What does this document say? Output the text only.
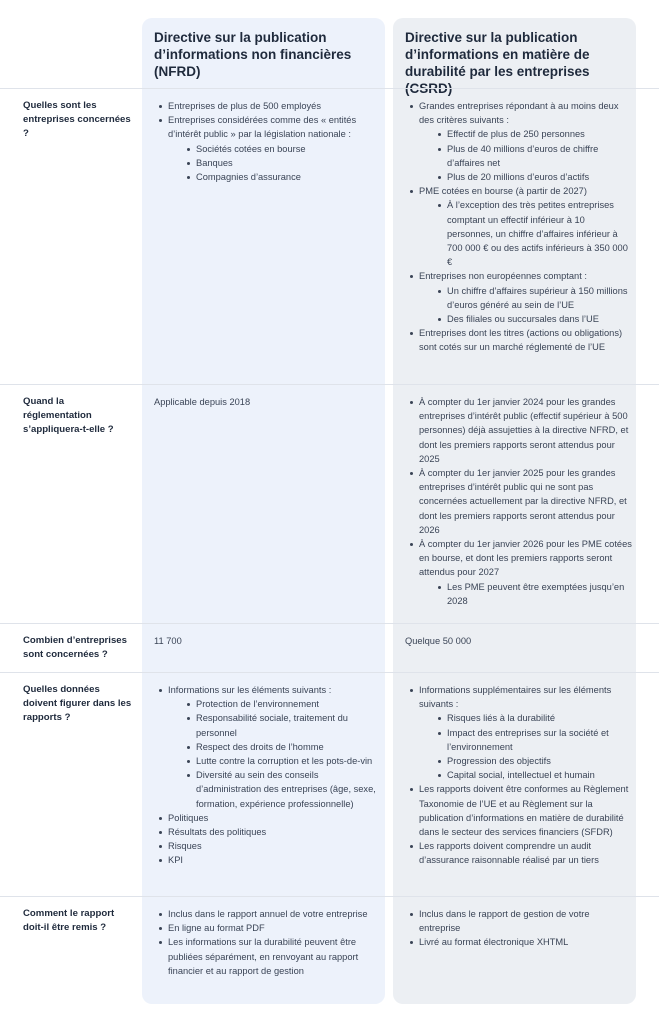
Directive sur la publication d’informations non financières (NFRD)
Directive sur la publication d’informations en matière de durabilité par les entreprises (CSRD)
Quelles sont les entreprises concernées ?
Entreprises de plus de 500 employés
Entreprises considérées comme des « entités d’intérêt public » par la législation nationale :
Sociétés cotées en bourse
Banques
Compagnies d’assurance
Grandes entreprises répondant à au moins deux des critères suivants :
Effectif de plus de 250 personnes
Plus de 40 millions d’euros de chiffre d’affaires net
Plus de 20 millions d’euros d’actifs
PME cotées en bourse (à partir de 2027)
À l’exception des très petites entreprises comptant un effectif inférieur à 10 personnes, un chiffre d’affaires inférieur à 700 000 € ou des actifs inférieurs à 350 000 €
Entreprises non européennes comptant :
Un chiffre d’affaires supérieur à 150 millions d’euros généré au sein de l’UE
Des filiales ou succursales dans l’UE
Entreprises dont les titres (actions ou obligations) sont cotés sur un marché réglementé de l’UE
Quand la réglementation s’appliquera-t-elle ?
Applicable depuis 2018	À compter du 1er janvier 2024 pour les grandes entreprises d’intérêt public (effectif supérieur à 500 personnes) déjà assujetties à la directive NFRD, et dont les premiers rapports seront attendus pour 2025
À compter du 1er janvier 2025 pour les grandes entreprises d’intérêt public qui ne sont pas concernées actuellement par la directive NFRD, et dont les premiers rapports seront attendus pour 2026
À compter du 1er janvier 2026 pour les PME cotées en bourse, et dont les premiers rapports seront attendus pour 2027
Les PME peuvent être exemptées jusqu’en 2028
Combien d’entreprises sont concernées ?
11 700	Quelque 50 000
Quelles données doivent figurer dans les rapports ?
Informations sur les éléments suivants :
Protection de l’environnement
Responsabilité sociale, traitement du personnel
Respect des droits de l’homme
Lutte contre la corruption et les pots-de-vin
Diversité au sein des conseils d’administration des entreprises (âge, sexe, formation, expérience professionnelle)
Politiques
Résultats des politiques
Risques
KPI
Informations supplémentaires sur les éléments suivants :
Risques liés à la durabilité
Impact des entreprises sur la société et l’environnement
Progression des objectifs
Capital social, intellectuel et humain
Les rapports doivent être conformes au Règlement Taxonomie de l’UE et au Règlement sur la publication d’informations en matière de durabilité dans le secteur des services financiers (SFDR)
Les rapports doivent comprendre un audit d’assurance raisonnable réalisé par un tiers
Comment le rapport doit-il être remis ?
Inclus dans le rapport annuel de votre entreprise
En ligne au format PDF
Les informations sur la durabilité peuvent être publiées séparément, en renvoyant au rapport financier et au rapport de gestion
Inclus dans le rapport de gestion de votre entreprise
Livré au format électronique XHTML
